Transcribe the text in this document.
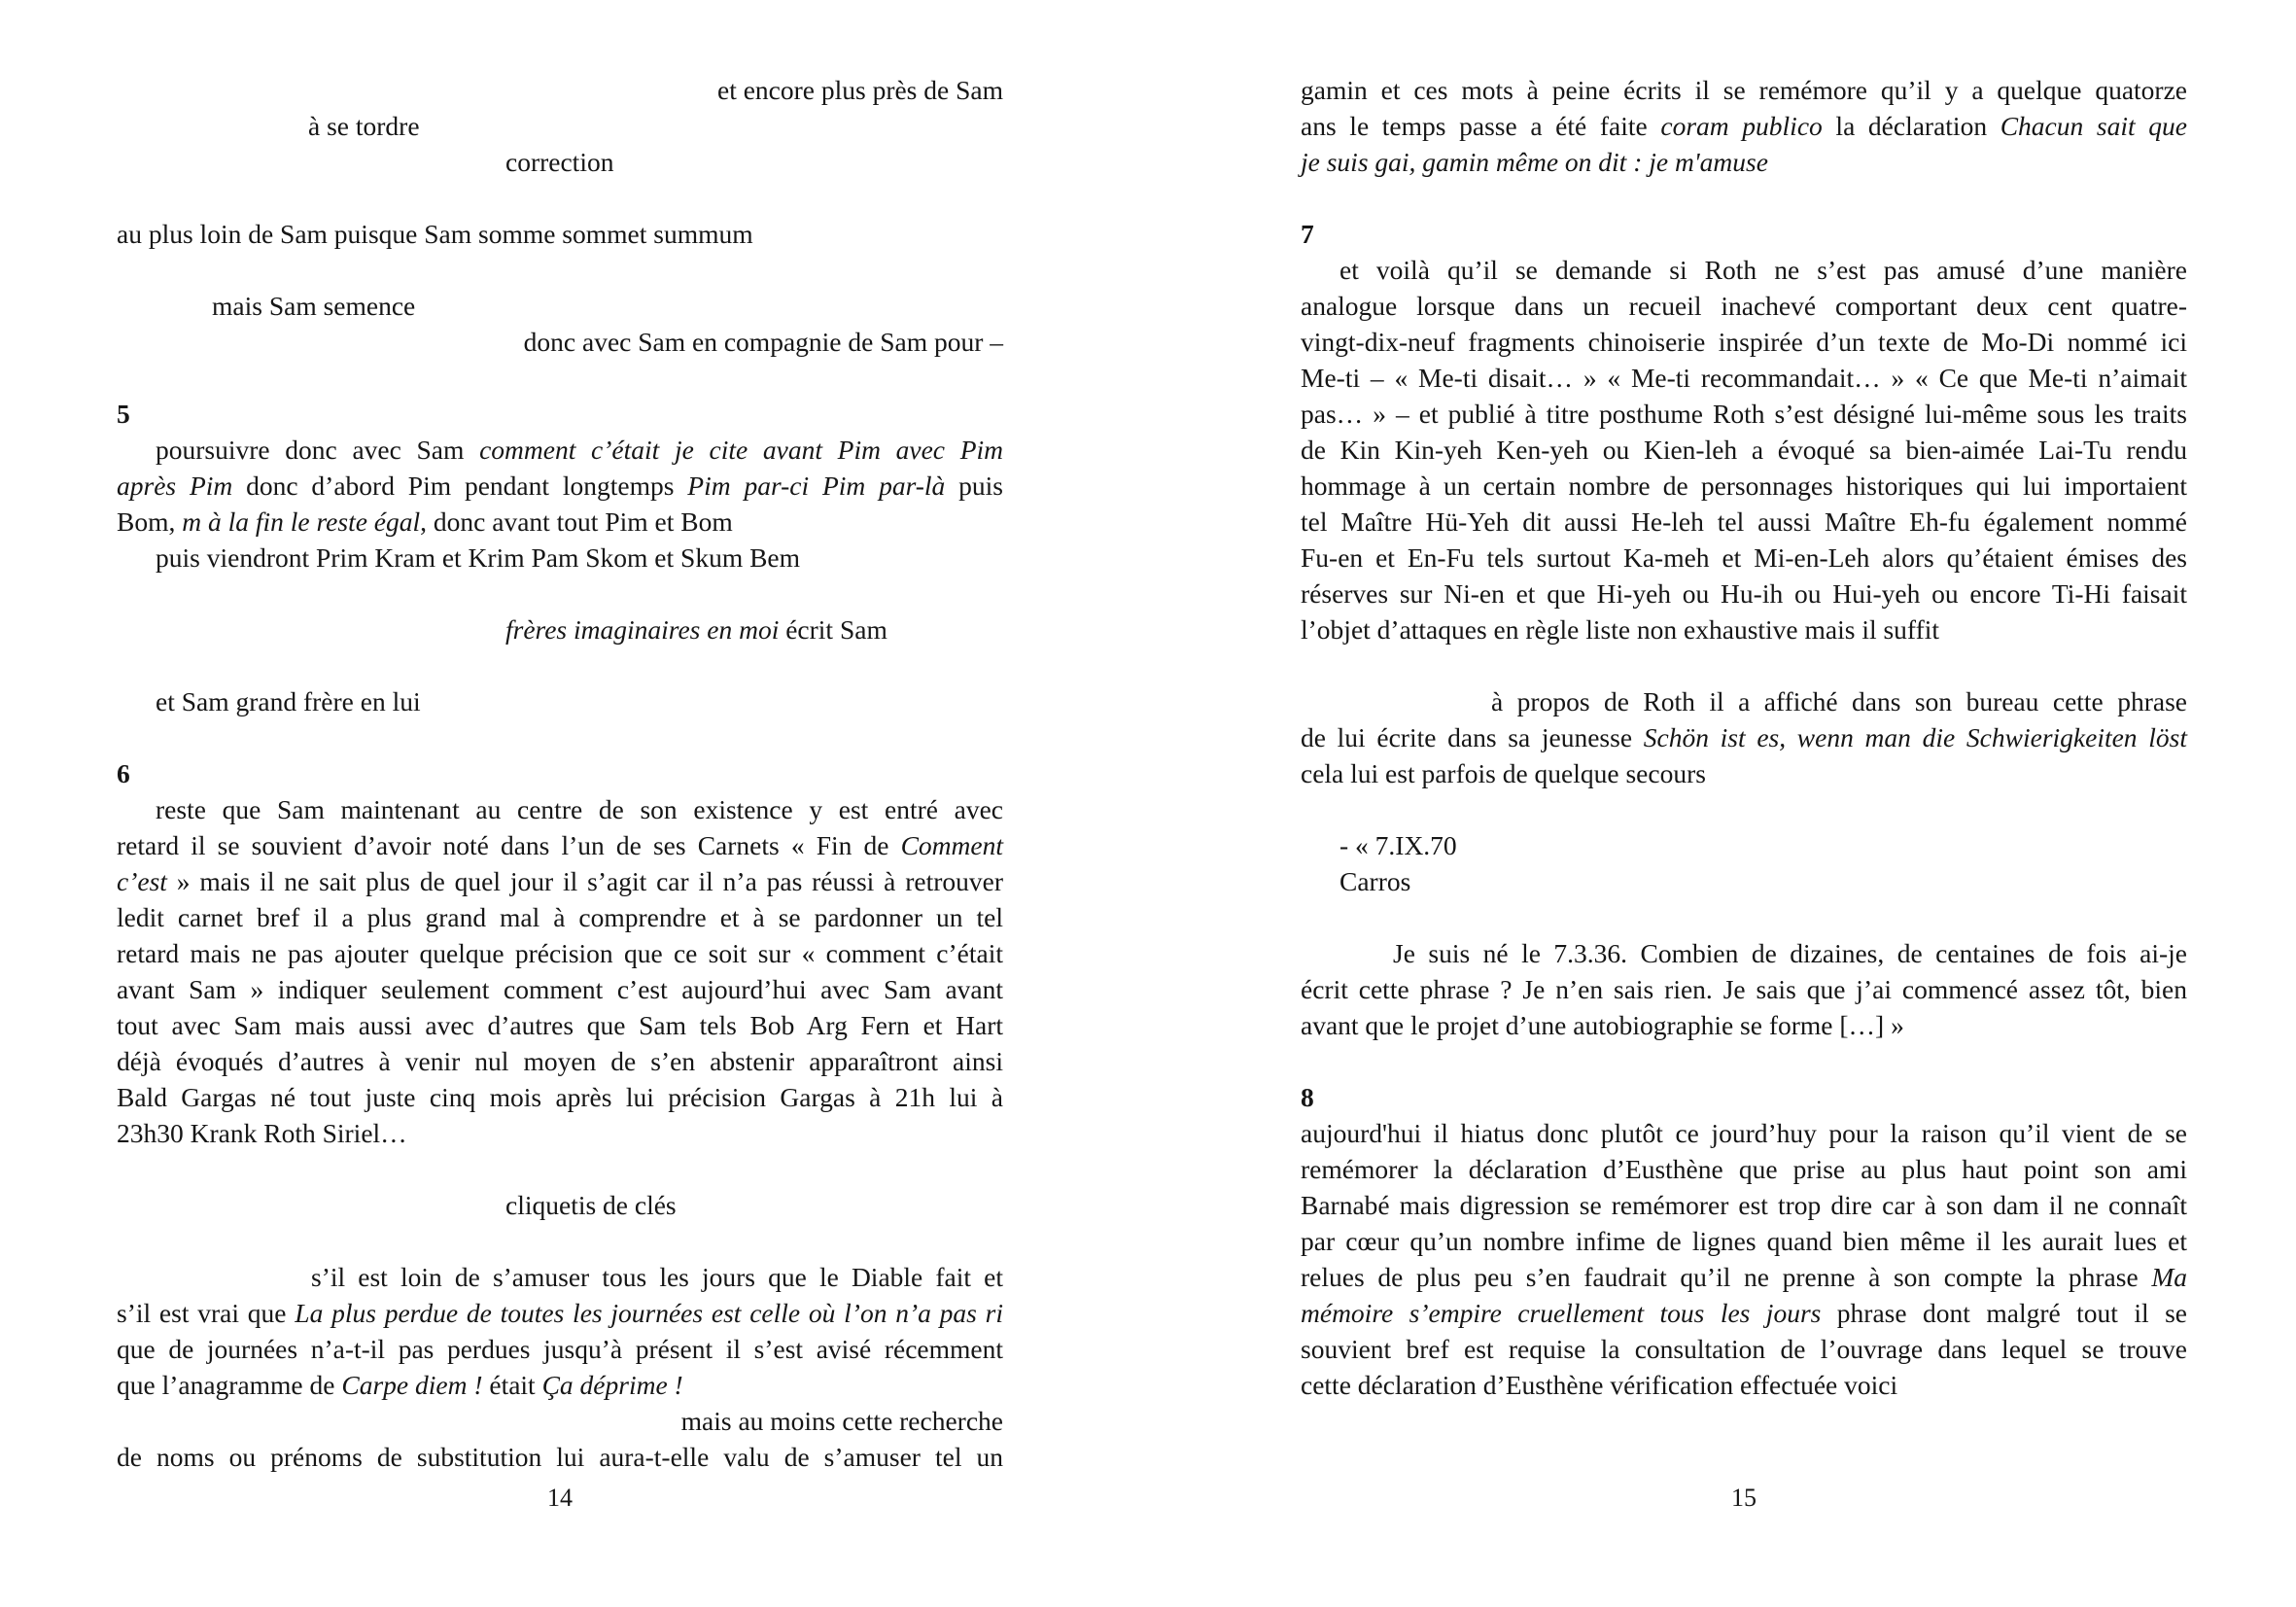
et encore plus près de Sam
à se tordre
correction
au plus loin de Sam puisque Sam somme sommet summum
mais Sam semence
donc avec Sam en compagnie de Sam pour –
5
poursuivre donc avec Sam comment c’était je cite avant Pim avec Pim
après Pim donc d’abord Pim pendant longtemps Pim par-ci Pim par-là puis
Bom, m à la fin le reste égal, donc avant tout Pim et Bom
puis viendront Prim Kram et Krim Pam Skom et Skum Bem
frères imaginaires en moi écrit Sam
et Sam grand frère en lui
6
reste que Sam maintenant au centre de son existence y est entré avec
retard il se souvient d’avoir noté dans l’un de ses Carnets « Fin de Comment
c’est » mais il ne sait plus de quel jour il s’agit car il n’a pas réussi à retrouver
ledit carnet bref il a plus grand mal à comprendre et à se pardonner un tel
retard mais ne pas ajouter quelque précision que ce soit sur « comment c’était
avant Sam » indiquer seulement comment c’est aujourd’hui avec Sam avant
tout avec Sam mais aussi avec d’autres que Sam tels Bob Arg Fern et Hart
déjà évoqués d’autres à venir nul moyen de s’en abstenir apparaîtront ainsi
Bald Gargas né tout juste cinq mois après lui précision Gargas à 21h lui à
23h30 Krank Roth Siriel…
cliquetis de clés
s’il est loin de s’amuser tous les jours que le Diable fait et
s’il est vrai que La plus perdue de toutes les journées est celle où l’on n’a pas ri
que de journées n’a-t-il pas perdues jusqu’à présent il s’est avisé récemment
que l’anagramme de Carpe diem ! était Ça déprime !
mais au moins cette recherche
de noms ou prénoms de substitution lui aura-t-elle valu de s’amuser tel un
14
gamin et ces mots à peine écrits il se remémore qu’il y a quelque quatorze
ans le temps passe a été faite coram publico la déclaration Chacun sait que
je suis gai, gamin même on dit : je m'amuse
7
et voilà qu’il se demande si Roth ne s’est pas amusé d’une manière
analogue lorsque dans un recueil inachevé comportant deux cent quatre-
vingt-dix-neuf fragments chinoiserie inspirée d’un texte de Mo-Di nommé ici
Me-ti – « Me-ti disait… » « Me-ti recommandait… » « Ce que Me-ti n’aimait
pas… » – et publié à titre posthume Roth s’est désigné lui-même sous les traits
de Kin Kin-yeh Ken-yeh ou Kien-leh a évoqué sa bien-aimée Lai-Tu rendu
hommage à un certain nombre de personnages historiques qui lui importaient
tel Maître Hü-Yeh dit aussi He-leh tel aussi Maître Eh-fu également nommé
Fu-en et En-Fu tels surtout Ka-meh et Mi-en-Leh alors qu’étaient émises des
réserves sur Ni-en et que Hi-yeh ou Hu-ih ou Hui-yeh ou encore Ti-Hi faisait
l’objet d’attaques en règle liste non exhaustive mais il suffit
à propos de Roth il a affiché dans son bureau cette phrase
de lui écrite dans sa jeunesse Schön ist es, wenn man die Schwierigkeiten löst
cela lui est parfois de quelque secours
- « 7.IX.70
Carros
Je suis né le 7.3.36. Combien de dizaines, de centaines de fois ai-je
écrit cette phrase ? Je n’en sais rien. Je sais que j’ai commencé assez tôt, bien
avant que le projet d’une autobiographie se forme […] »
8
aujourd'hui il hiatus donc plutôt ce jourd’huy pour la raison qu’il vient de se
remémorer la déclaration d’Eusthène que prise au plus haut point son ami
Barnabé mais digression se remémorer est trop dire car à son dam il ne connaît
par cœur qu’un nombre infime de lignes quand bien même il les aurait lues et
relues de plus peu s’en faudrait qu’il ne prenne à son compte la phrase Ma
mémoire s’empire cruellement tous les jours phrase dont malgré tout il se
souvient bref est requise la consultation de l’ouvrage dans lequel se trouve
cette déclaration d’Eusthène vérification effectuée voici
15
